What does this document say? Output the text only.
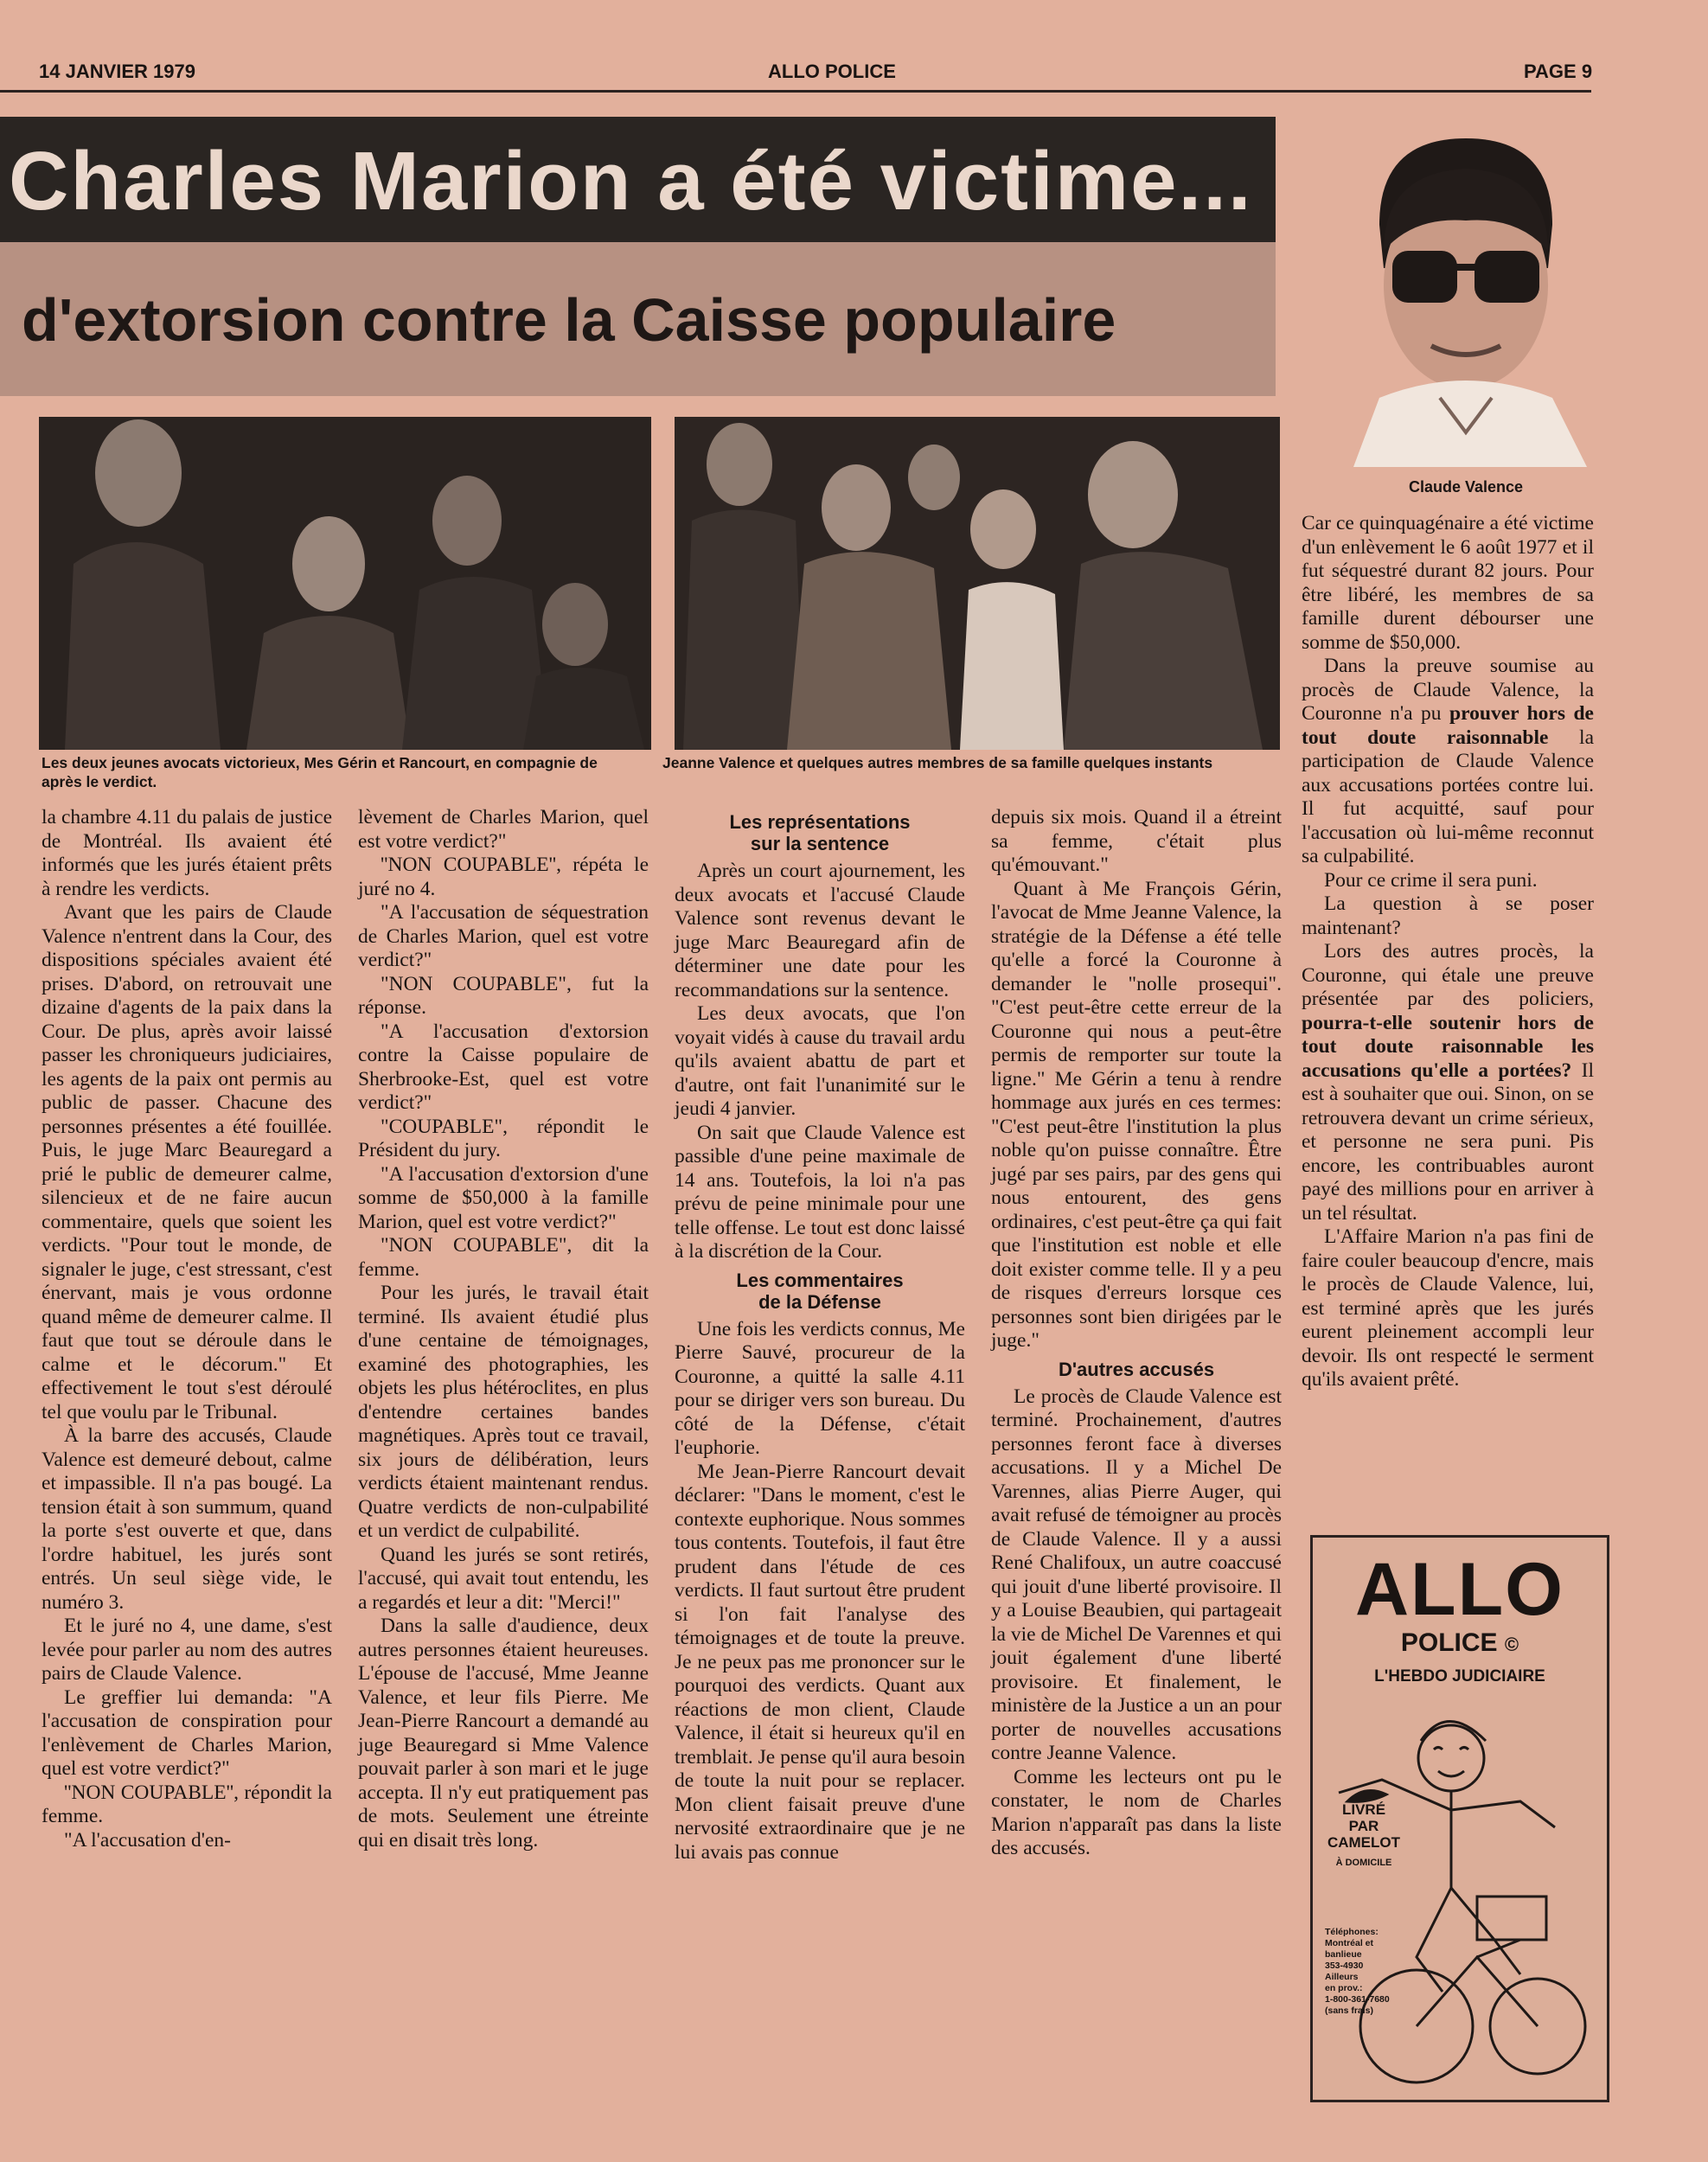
14 JANVIER 1979	ALLO POLICE	PAGE 9
Charles Marion a été victime...
d'extorsion contre la Caisse populaire
Les deux jeunes avocats victorieux, Mes Gérin et Rancourt, en compagnie de
après le verdict.
Jeanne Valence et quelques autres membres de sa famille quelques instants
Claude Valence

la chambre 4.11 du palais de justice de Montréal. Ils avaient été informés que les jurés étaient prêts à rendre les verdicts.

Avant que les pairs de Claude Valence n'entrent dans la Cour, des dispositions spéciales avaient été prises. D'abord, on retrouvait une dizaine d'agents de la paix dans la Cour. De plus, après avoir laissé passer les chroniqueurs judiciaires, les agents de la paix ont permis au public de passer. Chacune des personnes présentes a été fouillée. Puis, le juge Marc Beauregard a prié le public de demeurer calme, silencieux et de ne faire aucun commentaire, quels que soient les verdicts. "Pour tout le monde, de signaler le juge, c'est stressant, c'est énervant, mais je vous ordonne quand même de demeurer calme. Il faut que tout se déroule dans le calme et le décorum." Et effectivement le tout s'est déroulé tel que voulu par le Tribunal.

À la barre des accusés, Claude Valence est demeuré debout, calme et impassible. Il n'a pas bougé. La tension était à son summum, quand la porte s'est ouverte et que, dans l'ordre habituel, les jurés sont entrés. Un seul siège vide, le numéro 3.

Et le juré no 4, une dame, s'est levée pour parler au nom des autres pairs de Claude Valence.

Le greffier lui demanda: "A l'accusation de conspiration pour l'enlèvement de Charles Marion, quel est votre verdict?"

''NON COUPABLE'', répondit la femme.

"A l'accusation d'en-

lèvement de Charles Marion, quel est votre verdict?"

''NON COUPABLE'', répéta le juré no 4.

"A l'accusation de séquestration de Charles Marion, quel est votre verdict?"

"NON COUPABLE", fut la réponse.

"A l'accusation d'extorsion contre la Caisse populaire de Sherbrooke-Est, quel est votre verdict?"

"COUPABLE", répondit le Président du jury.

"A l'accusation d'extorsion d'une somme de $50,000 à la famille Marion, quel est votre verdict?"

"NON COUPABLE", dit la femme.

Pour les jurés, le travail était terminé. Ils avaient étudié plus d'une centaine de témoignages, examiné des photographies, les objets les plus hétéroclites, en plus d'entendre certaines bandes magnétiques. Après tout ce travail, six jours de délibération, leurs verdicts étaient maintenant rendus. Quatre verdicts de non-culpabilité et un verdict de culpabilité.

Quand les jurés se sont retirés, l'accusé, qui avait tout entendu, les a regardés et leur a dit: "Merci!"

Dans la salle d'audience, deux autres personnes étaient heureuses. L'épouse de l'accusé, Mme Jeanne Valence, et leur fils Pierre. Me Jean-Pierre Rancourt a demandé au juge Beauregard si Mme Valence pouvait parler à son mari et le juge accepta. Il n'y eut pratiquement pas de mots. Seulement une étreinte qui en disait très long.

Les représentations
sur la sentence

Après un court ajournement, les deux avocats et l'accusé Claude Valence sont revenus devant le juge Marc Beauregard afin de déterminer une date pour les recommandations sur la sentence.

Les deux avocats, que l'on voyait vidés à cause du travail ardu qu'ils avaient abattu de part et d'autre, ont fait l'unanimité sur le jeudi 4 janvier.

On sait que Claude Valence est passible d'une peine maximale de 14 ans. Toutefois, la loi n'a pas prévu de peine minimale pour une telle offense. Le tout est donc laissé à la discrétion de la Cour.

Les commentaires
de la Défense

Une fois les verdicts connus, Me Pierre Sauvé, procureur de la Couronne, a quitté la salle 4.11 pour se diriger vers son bureau. Du côté de la Défense, c'était l'euphorie.

Me Jean-Pierre Rancourt devait déclarer: "Dans le moment, c'est le contexte euphorique. Nous sommes tous contents. Toutefois, il faut être prudent dans l'étude de ces verdicts. Il faut surtout être prudent si l'on fait l'analyse des témoignages et de toute la preuve. Je ne peux pas me prononcer sur le pourquoi des verdicts. Quant aux réactions de mon client, Claude Valence, il était si heureux qu'il en tremblait. Je pense qu'il aura besoin de toute la nuit pour se replacer. Mon client faisait preuve d'une nervosité extraordinaire que je ne lui avais pas connue

depuis six mois. Quand il a étreint sa femme, c'était plus qu'émouvant."

Quant à Me François Gérin, l'avocat de Mme Jeanne Valence, la stratégie de la Défense a été telle qu'elle a forcé la Couronne à demander le "nolle prosequi". "C'est peut-être cette erreur de la Couronne qui nous a peut-être permis de remporter sur toute la ligne." Me Gérin a tenu à rendre hommage aux jurés en ces termes: "C'est peut-être l'institution la plus noble qu'on puisse connaître. Être jugé par ses pairs, par des gens qui nous entourent, des gens ordinaires, c'est peut-être ça qui fait que l'institution est noble et elle doit exister comme telle. Il y a peu de risques d'erreurs lorsque ces personnes sont bien dirigées par le juge."

D'autres accusés

Le procès de Claude Valence est terminé. Prochainement, d'autres personnes feront face à diverses accusations. Il y a Michel De Varennes, alias Pierre Auger, qui avait refusé de témoigner au procès de Claude Valence. Il y a aussi René Chalifoux, un autre coaccusé qui jouit d'une liberté provisoire. Il y a Louise Beaubien, qui partageait la vie de Michel De Varennes et qui jouit également d'une liberté provisoire. Et finalement, le ministère de la Justice a un an pour porter de nouvelles accusations contre Jeanne Valence.

Comme les lecteurs ont pu le constater, le nom de Charles Marion n'apparaît pas dans la liste des accusés.

Car ce quinquagénaire a été victime d'un enlèvement le 6 août 1977 et il fut séquestré durant 82 jours. Pour être libéré, les membres de sa famille durent débourser une somme de $50,000.

Dans la preuve soumise au procès de Claude Valence, la Couronne n'a pu prouver hors de tout doute raisonnable la participation de Claude Valence aux accusations portées contre lui. Il fut acquitté, sauf pour l'accusation où lui-même reconnut sa culpabilité.

Pour ce crime il sera puni.

La question à se poser maintenant?

Lors des autres procès, la Couronne, qui étale une preuve présentée par des policiers, pourra-t-elle soutenir hors de tout doute raisonnable les accusations qu'elle a portées? Il est à souhaiter que oui. Sinon, on se retrouvera devant un crime sérieux, et personne ne sera puni. Pis encore, les contribuables auront payé des millions pour en arriver à un tel résultat.

L'Affaire Marion n'a pas fini de faire couler beaucoup d'encre, mais le procès de Claude Valence, lui, est terminé après que les jurés eurent pleinement accompli leur devoir. Ils ont respecté le serment qu'ils avaient prêté.

ALLO
POLICE ©
L'HEBDO JUDICIAIRE
LIVRÉ
PAR
CAMELOT
À DOMICILE
Téléphones:
Montréal et
banlieue
353-4930
Ailleurs
en prov.:
1-800-361-7680
(sans frais)
